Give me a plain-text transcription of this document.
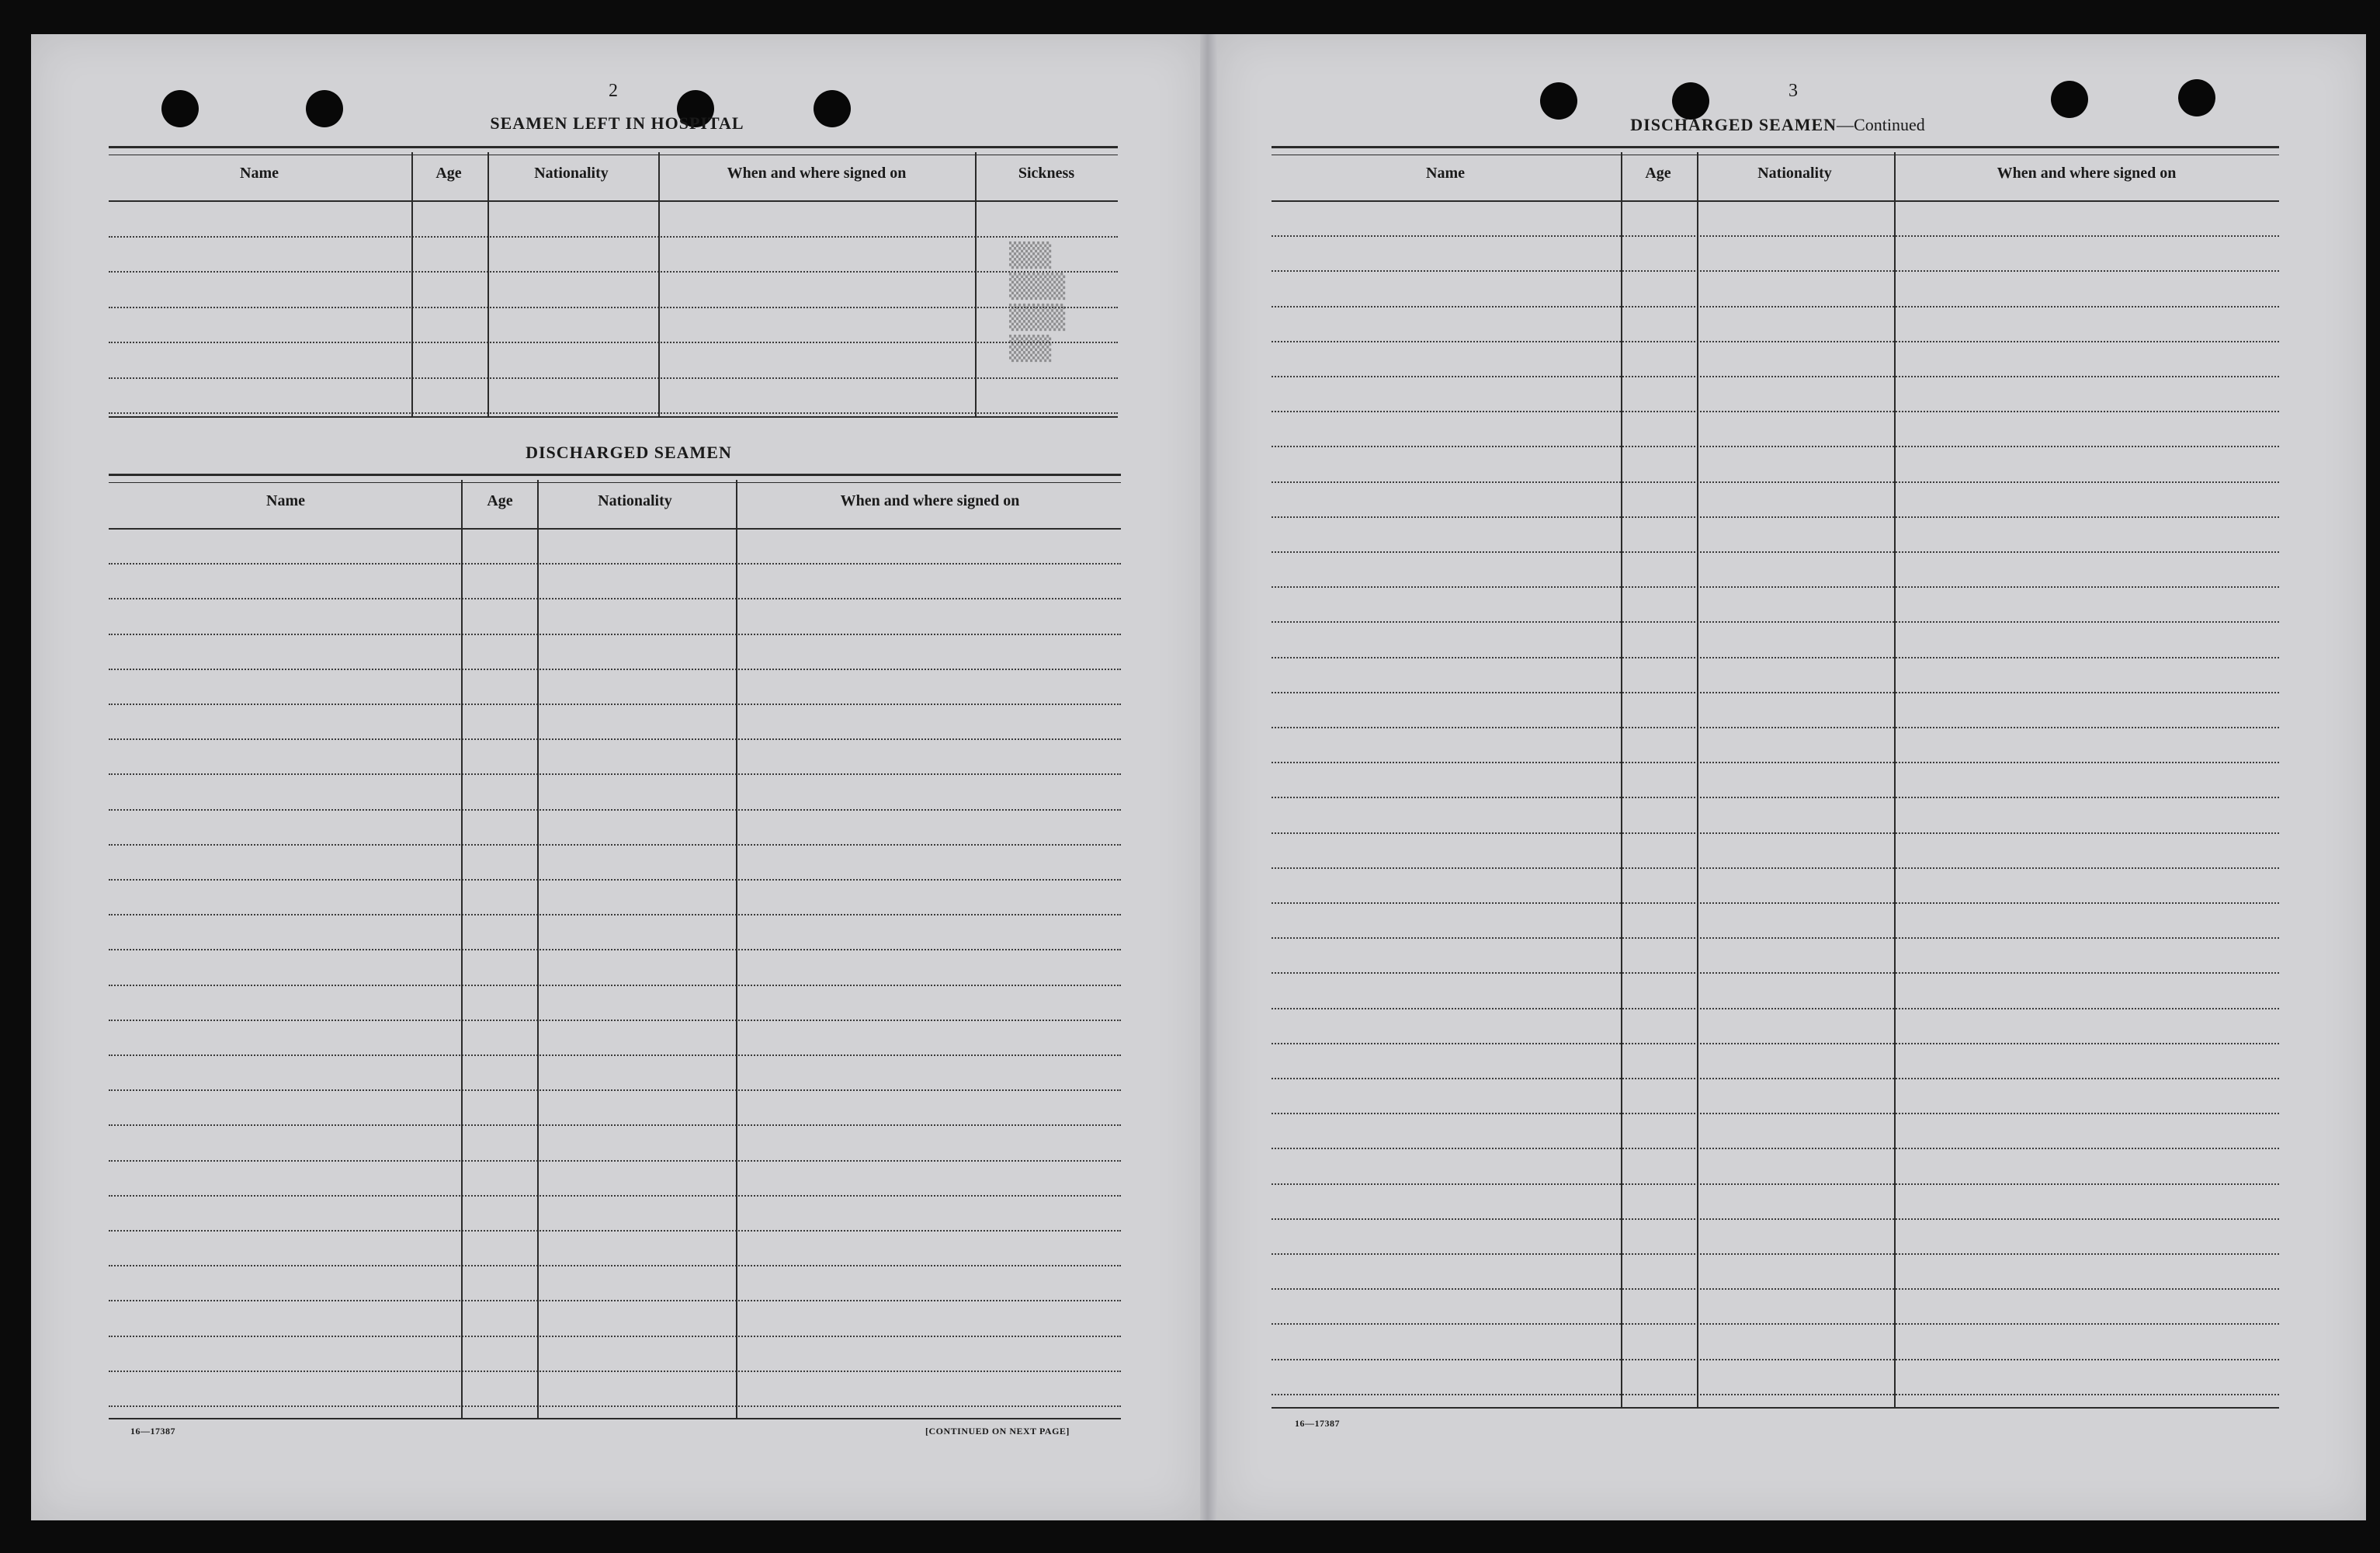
▒▒▒
▒▒▒▒
▒▒▒▒
▒▒▒
2
SEAMEN LEFT IN HOSPITAL
Name	Age	Nationality	When and where signed on	Sickness
DISCHARGED SEAMEN
Name	Age	Nationality	When and where signed on
16—17387	[CONTINUED ON NEXT PAGE]
3
DISCHARGED SEAMEN—Continued
Name	Age	Nationality	When and where signed on
16—17387
